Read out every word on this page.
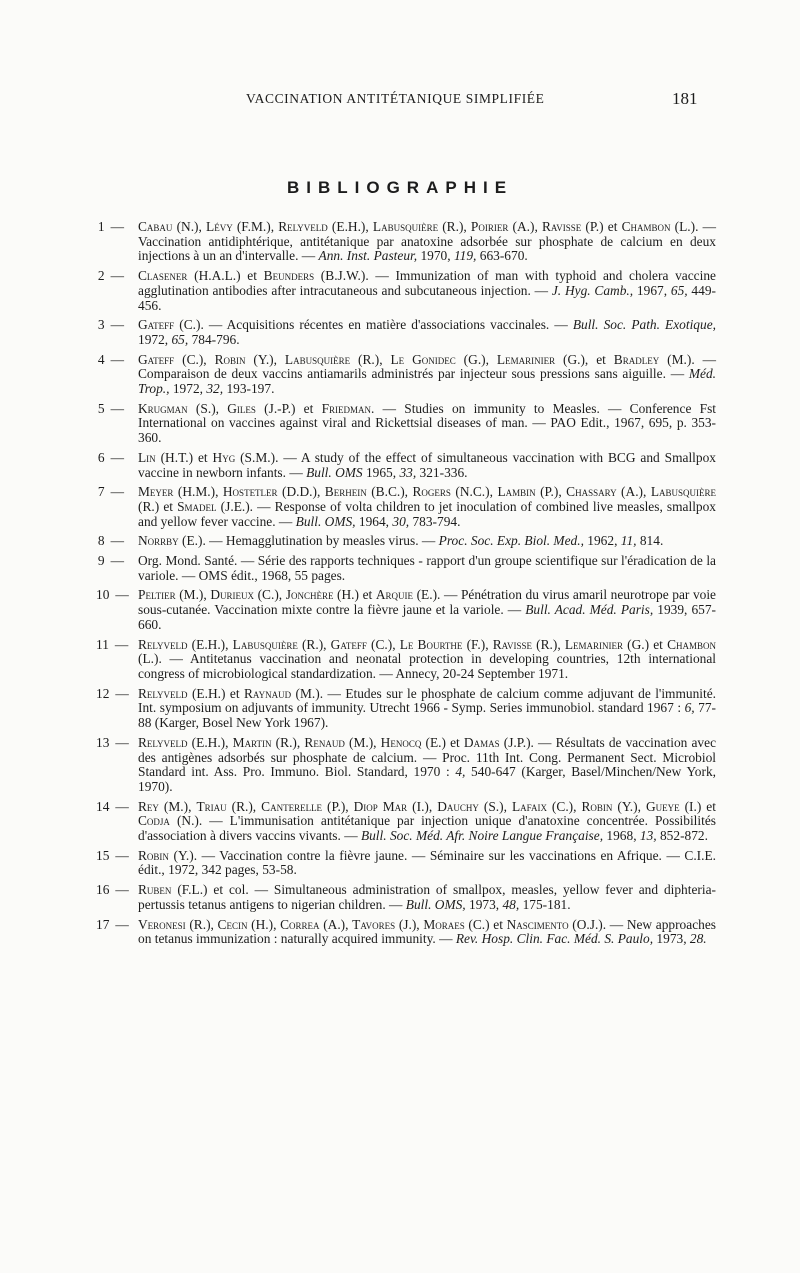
VACCINATION ANTITÉTANIQUE SIMPLIFIÉE	181
BIBLIOGRAPHIE
1 — Cabau (N.), Lévy (F.M.), Relyveld (E.H.), Labusquière (R.), Poirier (A.), Ravisse (P.) et Chambon (L.). — Vaccination antidiphtérique, antitétanique par anatoxine adsorbée sur phosphate de calcium en deux injections à un an d'intervalle. — Ann. Inst. Pasteur, 1970, 119, 663-670.
2 — Clasener (H.A.L.) et Beunders (B.J.W.). — Immunization of man with typhoid and cholera vaccine agglutination antibodies after intracutaneous and subcutaneous injection. — J. Hyg. Camb., 1967, 65, 449-456.
3 — Gateff (C.). — Acquisitions récentes en matière d'associations vaccinales. — Bull. Soc. Path. Exotique, 1972, 65, 784-796.
4 — Gateff (C.), Robin (Y.), Labusquière (R.), Le Gonidec (G.), Lemarinier (G.), et Bradley (M.). — Comparaison de deux vaccins antiamarils administrés par injecteur sous pressions sans aiguille. — Méd. Trop., 1972, 32, 193-197.
5 — Krugman (S.), Giles (J.-P.) et Friedman. — Studies on immunity to Measles. — Conference Fst International on vaccines against viral and Rickettsial diseases of man. — PAO Edit., 1967, 695, p. 353-360.
6 — Lin (H.T.) et Hyg (S.M.). — A study of the effect of simultaneous vaccination with BCG and Smallpox vaccine in newborn infants. — Bull. OMS 1965, 33, 321-336.
7 — Meyer (H.M.), Hostetler (D.D.), Berhein (B.C.), Rogers (N.C.), Lambin (P.), Chassary (A.), Labusquière (R.) et Smadel (J.E.). — Response of volta children to jet inoculation of combined live measles, smallpox and yellow fever vaccine. — Bull. OMS, 1964, 30, 783-794.
8 — Norrby (E.). — Hemagglutination by measles virus. — Proc. Soc. Exp. Biol. Med., 1962, 11, 814.
9 — Org. Mond. Santé. — Série des rapports techniques - rapport d'un groupe scientifique sur l'éradication de la variole. — OMS édit., 1968, 55 pages.
10 — Peltier (M.), Durieux (C.), Jonchère (H.) et Arquie (E.). — Pénétration du virus amaril neurotrope par voie sous-cutanée. Vaccination mixte contre la fièvre jaune et la variole. — Bull. Acad. Méd. Paris, 1939, 657-660.
11 — Relyveld (E.H.), Labusquière (R.), Gateff (C.), Le Bourthe (F.), Ravisse (R.), Lemarinier (G.) et Chambon (L.). — Antitetanus vaccination and neonatal protection in developing countries, 12th international congress of microbiological standardization. — Annecy, 20-24 September 1971.
12 — Relyveld (E.H.) et Raynaud (M.). — Etudes sur le phosphate de calcium comme adjuvant de l'immunité. Int. symposium on adjuvants of immunity. Utrecht 1966 - Symp. Series immunobiol. standard 1967 : 6, 77-88 (Karger, Bosel New York 1967).
13 — Relyveld (E.H.), Martin (R.), Renaud (M.), Henocq (E.) et Damas (J.P.). — Résultats de vaccination avec des antigènes adsorbés sur phosphate de calcium. — Proc. 11th Int. Cong. Permanent Sect. Microbiol Standard int. Ass. Pro. Immuno. Biol. Standard, 1970 : 4, 540-647 (Karger, Basel/Minchen/New York, 1970).
14 — Rey (M.), Triau (R.), Canterelle (P.), Diop Mar (I.), Dauchy (S.), Lafaix (C.), Robin (Y.), Gueye (I.) et Codja (N.). — L'immunisation antitétanique par injection unique d'anatoxine concentrée. Possibilités d'association à divers vaccins vivants. — Bull. Soc. Méd. Afr. Noire Langue Française, 1968, 13, 852-872.
15 — Robin (Y.). — Vaccination contre la fièvre jaune. — Séminaire sur les vaccinations en Afrique. — C.I.E. édit., 1972, 342 pages, 53-58.
16 — Ruben (F.L.) et col. — Simultaneous administration of smallpox, measles, yellow fever and diphteria-pertussis tetanus antigens to nigerian children. — Bull. OMS, 1973, 48, 175-181.
17 — Veronesi (R.), Cecin (H.), Correa (A.), Tavores (J.), Moraes (C.) et Nascimento (O.J.). — New approaches on tetanus immunization : naturally acquired immunity. — Rev. Hosp. Clin. Fac. Méd. S. Paulo, 1973, 28.
